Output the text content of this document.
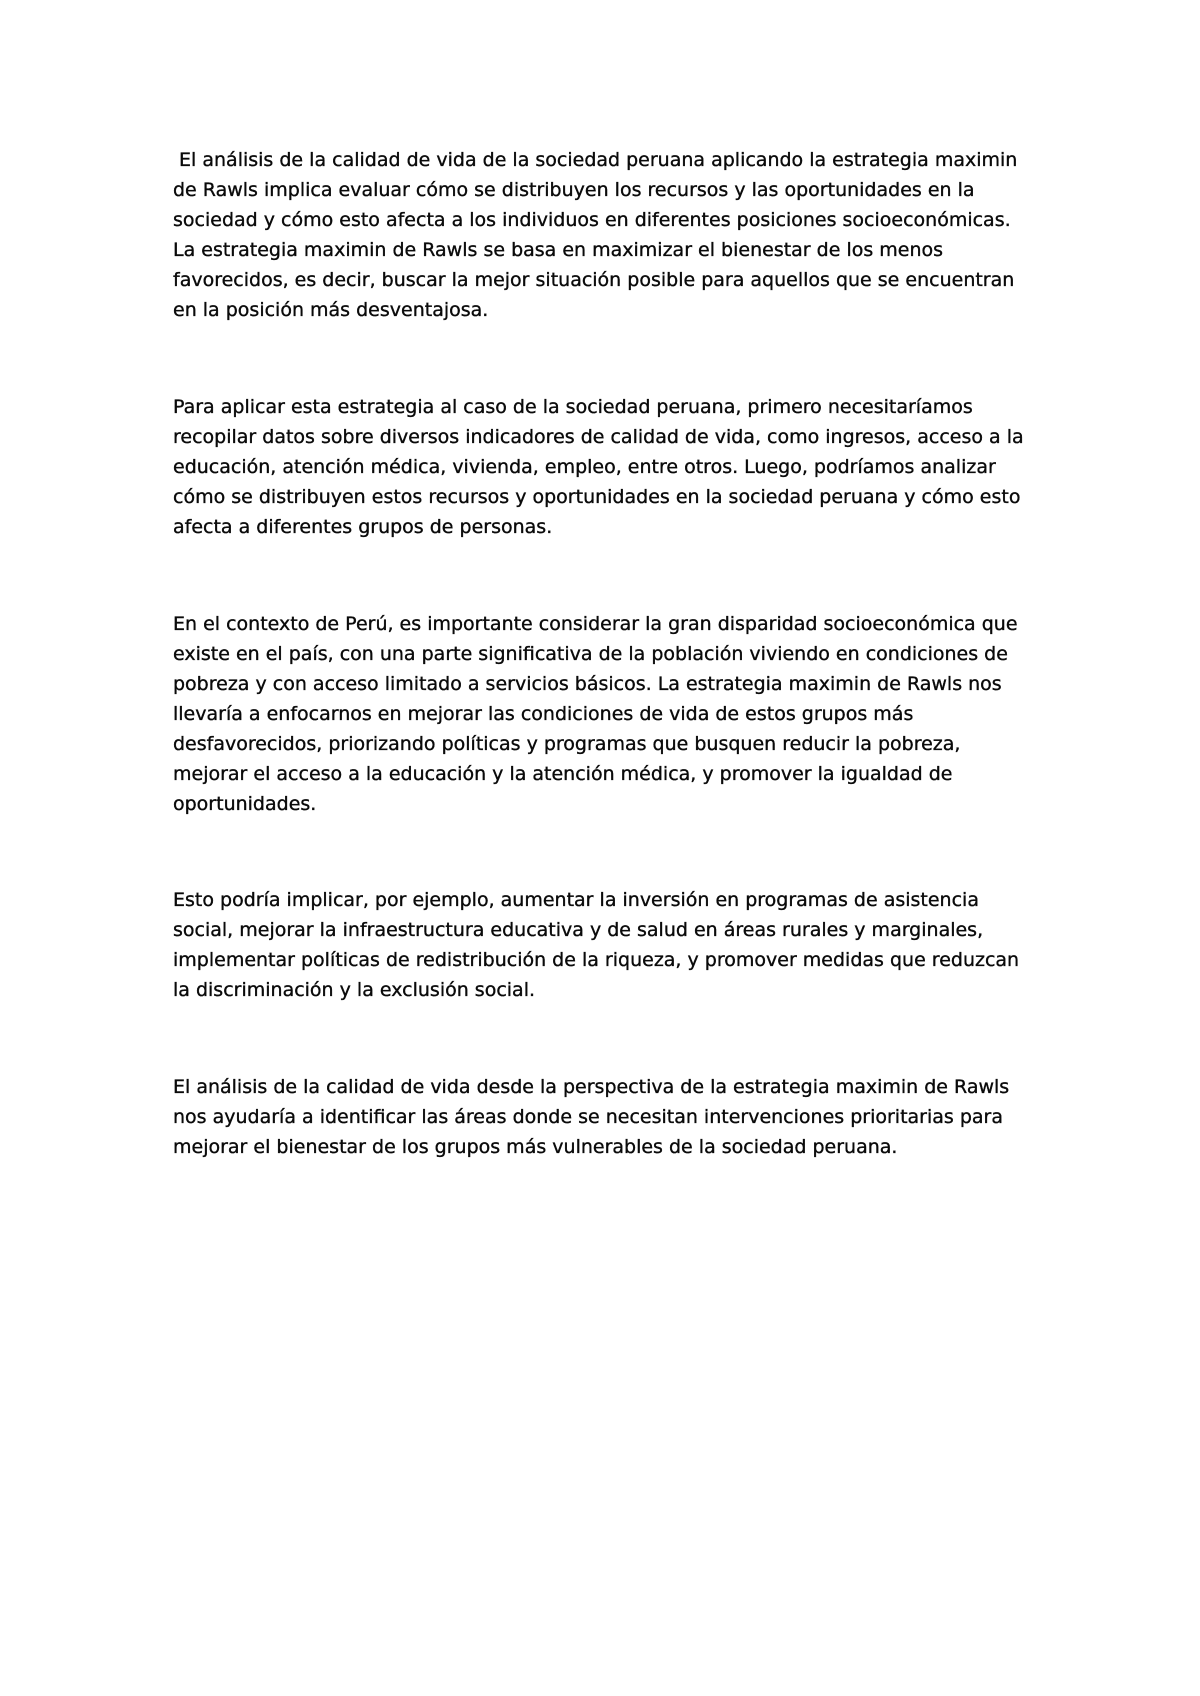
El análisis de la calidad de vida de la sociedad peruana aplicando la estrategia maximin de Rawls implica evaluar cómo se distribuyen los recursos y las oportunidades en la sociedad y cómo esto afecta a los individuos en diferentes posiciones socioeconómicas. La estrategia maximin de Rawls se basa en maximizar el bienestar de los menos favorecidos, es decir, buscar la mejor situación posible para aquellos que se encuentran en la posición más desventajosa.

Para aplicar esta estrategia al caso de la sociedad peruana, primero necesitaríamos recopilar datos sobre diversos indicadores de calidad de vida, como ingresos, acceso a la educación, atención médica, vivienda, empleo, entre otros. Luego, podríamos analizar cómo se distribuyen estos recursos y oportunidades en la sociedad peruana y cómo esto afecta a diferentes grupos de personas.

En el contexto de Perú, es importante considerar la gran disparidad socioeconómica que existe en el país, con una parte significativa de la población viviendo en condiciones de pobreza y con acceso limitado a servicios básicos. La estrategia maximin de Rawls nos llevaría a enfocarnos en mejorar las condiciones de vida de estos grupos más desfavorecidos, priorizando políticas y programas que busquen reducir la pobreza, mejorar el acceso a la educación y la atención médica, y promover la igualdad de oportunidades.

Esto podría implicar, por ejemplo, aumentar la inversión en programas de asistencia social, mejorar la infraestructura educativa y de salud en áreas rurales y marginales, implementar políticas de redistribución de la riqueza, y promover medidas que reduzcan la discriminación y la exclusión social.

El análisis de la calidad de vida desde la perspectiva de la estrategia maximin de Rawls nos ayudaría a identificar las áreas donde se necesitan intervenciones prioritarias para mejorar el bienestar de los grupos más vulnerables de la sociedad peruana.
